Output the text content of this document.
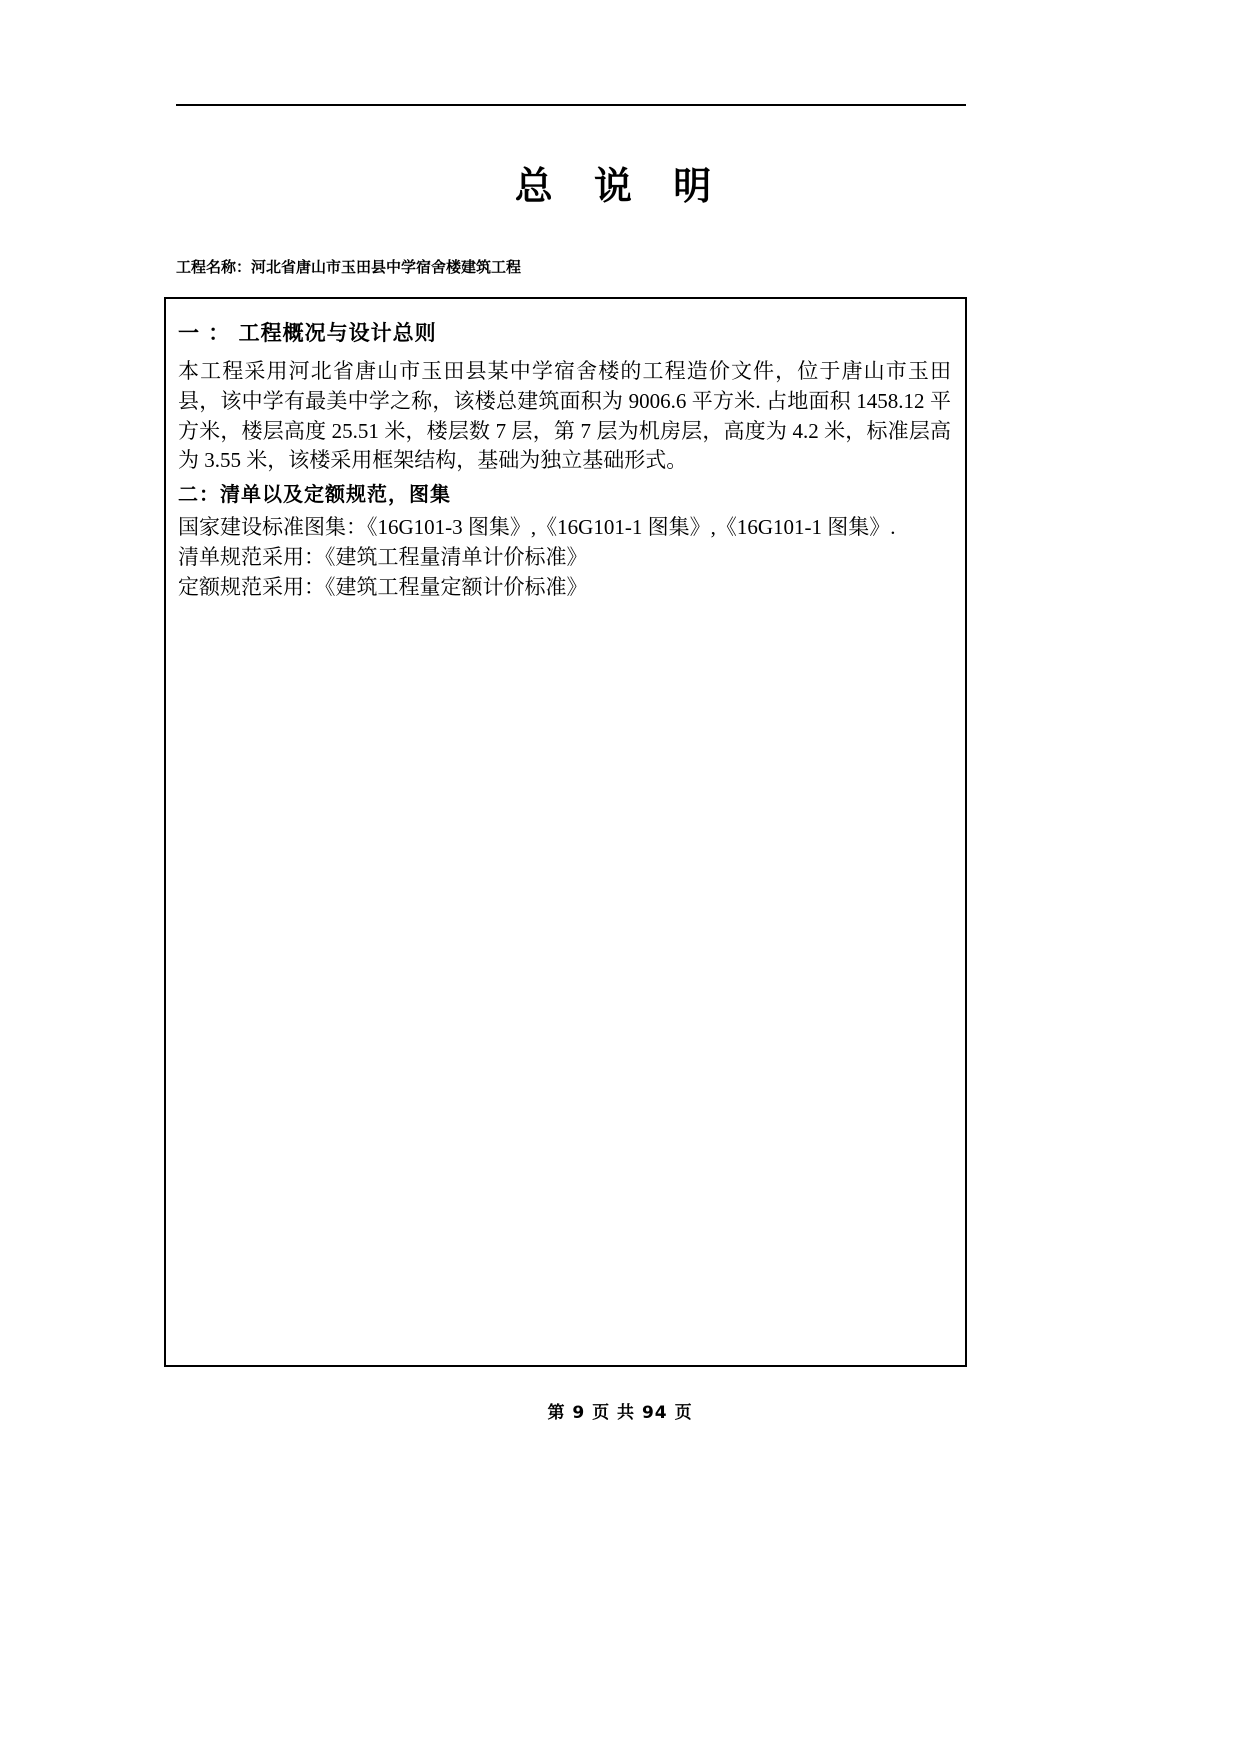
总 说 明
工程名称：河北省唐山市玉田县中学宿舍楼建筑工程
一 ： 工程概况与设计总则

本工程采用河北省唐山市玉田县某中学宿舍楼的工程造价文件，位于唐山市玉田县，该中学有最美中学之称，该楼总建筑面积为 9006.6 平方米. 占地面积 1458.12 平方米，楼层高度 25.51 米，楼层数 7 层，第 7 层为机房层，高度为 4.2 米，标准层高为 3.55 米，该楼采用框架结构，基础为独立基础形式。

二：清单以及定额规范，图集

国家建设标准图集：《16G101-3 图集》,《16G101-1 图集》,《16G101-1 图集》.

清单规范采用：《建筑工程量清单计价标准》

定额规范采用：《建筑工程量定额计价标准》

第 9 页 共 94 页
